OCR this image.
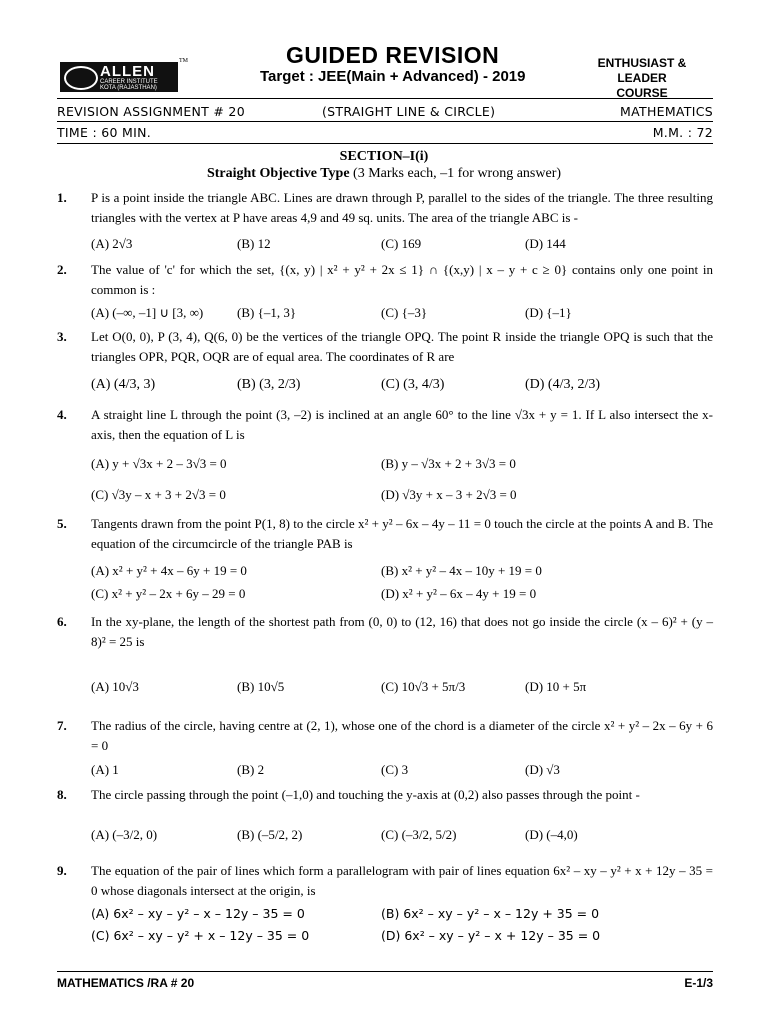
ALLEN
CAREER INSTITUTE
KOTA (RAJASTHAN)
TM	GUIDED REVISION
Target : JEE(Main + Advanced) - 2019
ENTHUSIAST & LEADER
COURSE
REVISION ASSIGNMENT # 20	(STRAIGHT LINE & CIRCLE)	MATHEMATICS
TIME : 60 MIN.	M.M. : 72
SECTION–I(i)
Straight Objective Type (3 Marks each, –1 for wrong answer)
1. P is a point inside the triangle ABC. Lines are drawn through P, parallel to the sides of the triangle. The three resulting triangles with the vertex at P have areas 4,9 and 49 sq. units. The area of the triangle ABC is -
(A) 2√3	(B) 12	(C) 169	(D) 144
2. The value of 'c' for which the set, {(x, y) | x² + y² + 2x ≤ 1} ∩ {(x,y) | x – y + c ≥ 0} contains only one point in common is :
(A) (–∞, –1] ∪ [3, ∞)	(B) {–1, 3}	(C) {–3}	(D) {–1}
3. Let O(0, 0), P (3, 4), Q(6, 0) be the vertices of the triangle OPQ. The point R inside the triangle OPQ is such that the triangles OPR, PQR, OQR are of equal area. The coordinates of R are
(A) (4/3, 3)	(B) (3, 2/3)	(C) (3, 4/3)	(D) (4/3, 2/3)
4. A straight line L through the point (3, –2) is inclined at an angle 60° to the line √3x + y = 1. If L also intersect the x-axis, then the equation of L is
(A) y + √3x + 2 – 3√3 = 0	(B) y – √3x + 2 + 3√3 = 0
(C) √3y – x + 3 + 2√3 = 0	(D) √3y + x – 3 + 2√3 = 0
5. Tangents drawn from the point P(1, 8) to the circle x² + y² – 6x – 4y – 11 = 0 touch the circle at the points A and B. The equation of the circumcircle of the triangle PAB is
(A) x² + y² + 4x – 6y + 19 = 0	(B) x² + y² – 4x – 10y + 19 = 0
(C) x² + y² – 2x + 6y – 29 = 0	(D) x² + y² – 6x – 4y + 19 = 0
6. In the xy-plane, the length of the shortest path from (0, 0) to (12, 16) that does not go inside the circle (x – 6)² + (y – 8)² = 25 is
(A) 10√3	(B) 10√5	(C) 10√3 + 5π/3	(D) 10 + 5π
7. The radius of the circle, having centre at (2, 1), whose one of the chord is a diameter of the circle x² + y² – 2x – 6y + 6 = 0
(A) 1	(B) 2	(C) 3	(D) √3
8. The circle passing through the point (–1,0) and touching the y-axis at (0,2) also passes through the point -
(A) (–3/2, 0)	(B) (–5/2, 2)	(C) (–3/2, 5/2)	(D) (–4,0)
9. The equation of the pair of lines which form a parallelogram with pair of lines equation 6x² – xy – y² + x + 12y – 35 = 0 whose diagonals intersect at the origin, is
(A) 6x² – xy – y² – x – 12y – 35 = 0	(B) 6x² – xy – y² – x – 12y + 35 = 0
(C) 6x² – xy – y² + x – 12y – 35 = 0	(D) 6x² – xy – y² – x + 12y – 35 = 0
MATHEMATICS /RA # 20	E-1/3
